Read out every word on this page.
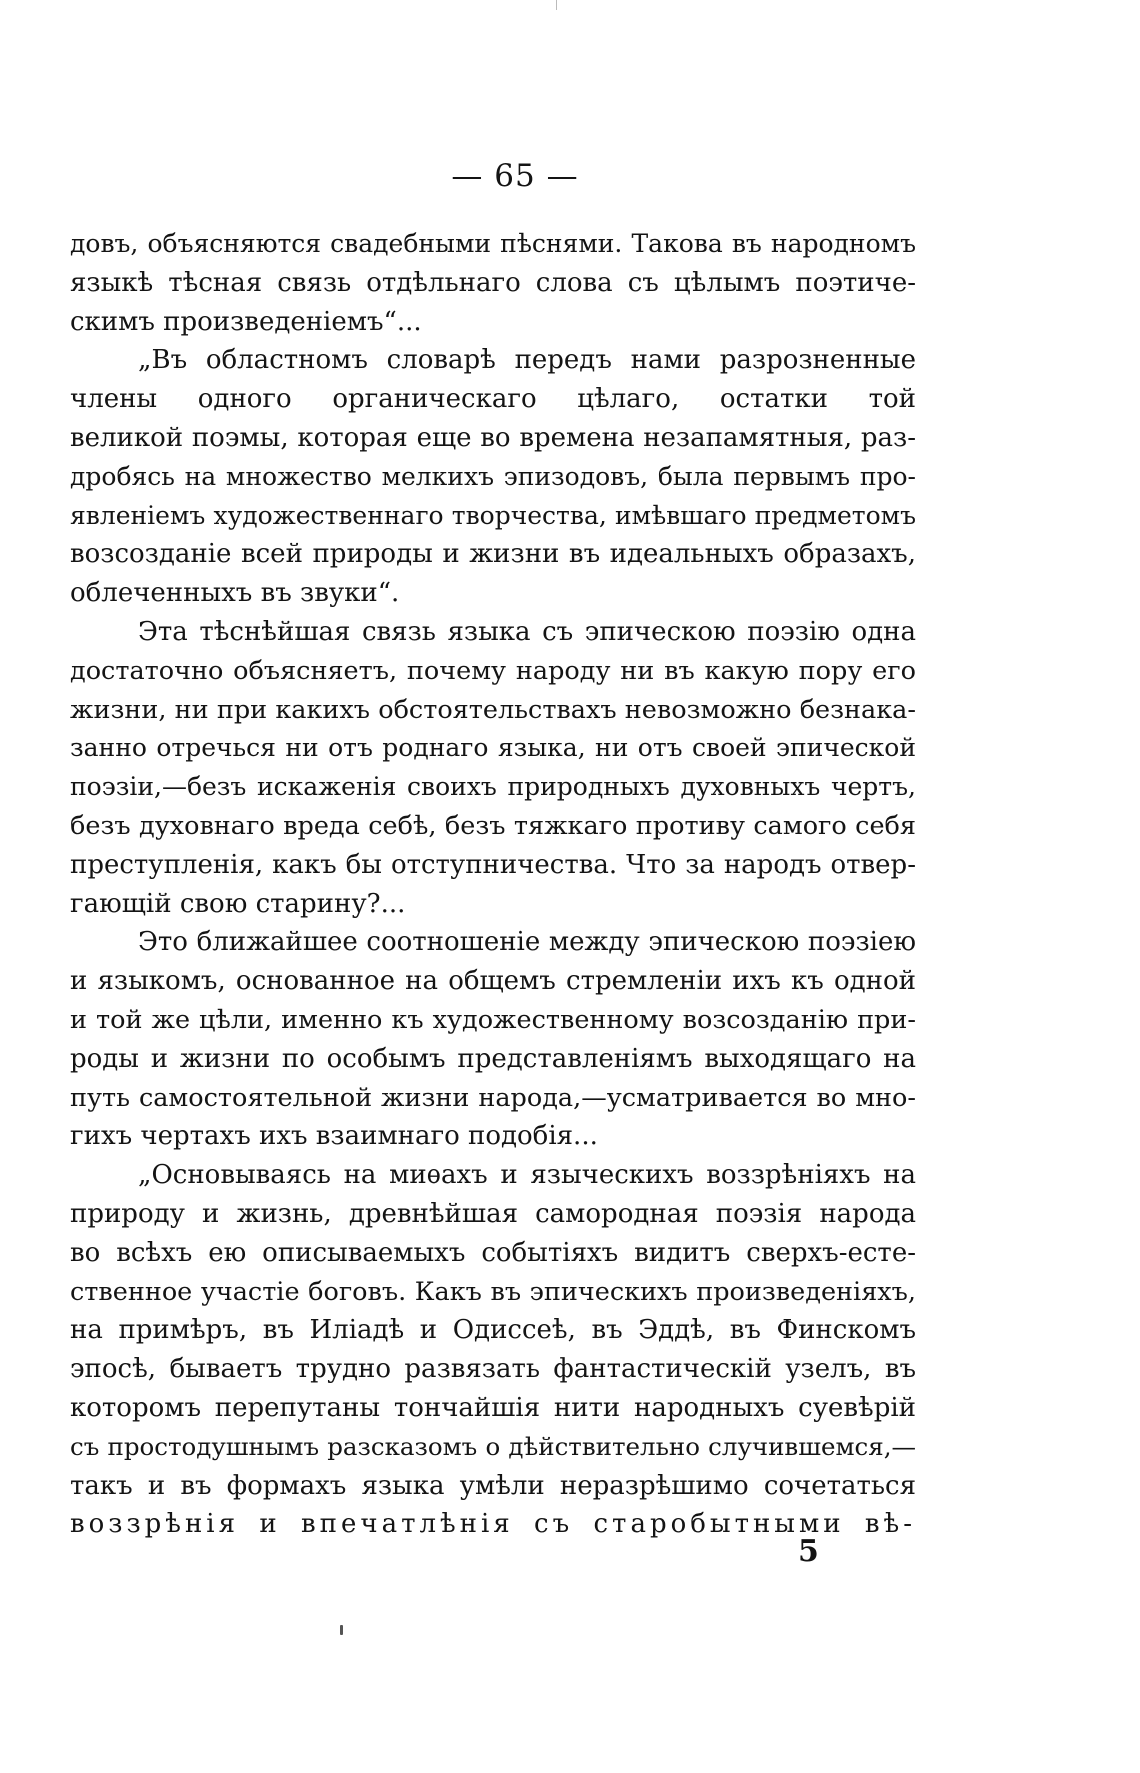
— 65 —
довъ, объясняются свадебными пѣснями. Такова въ народномъ
языкѣ тѣсная связь отдѣльнаго слова съ цѣлымъ поэтиче-
скимъ произведеніемъ“...
„Въ областномъ словарѣ передъ нами разрозненные
члены одного органическаго цѣлаго, остатки той
великой поэмы, которая еще во времена незапамятныя, раз-
дробясь на множество мелкихъ эпизодовъ, была первымъ про-
явленіемъ художественнаго творчества, имѣвшаго предметомъ
возсозданіе всей природы и жизни въ идеальныхъ образахъ,
облеченныхъ въ звуки“.
Эта тѣснѣйшая связь языка съ эпическою поэзію одна
достаточно объясняетъ, почему народу ни въ какую пору его
жизни, ни при какихъ обстоятельствахъ невозможно безнака-
занно отречься ни отъ роднаго языка, ни отъ своей эпической
поэзіи,—безъ искаженія своихъ природныхъ духовныхъ чертъ,
безъ духовнаго вреда себѣ, безъ тяжкаго противу самого себя
преступленія, какъ бы отступничества. Что за народъ отвер-
гающій свою старину?...
Это ближайшее соотношеніе между эпическою поэзіею
и языкомъ, основанное на общемъ стремленіи ихъ къ одной
и той же цѣли, именно къ художественному возсозданію при-
роды и жизни по особымъ представленіямъ выходящаго на
путь самостоятельной жизни народа,—усматривается во мно-
гихъ чертахъ ихъ взаимнаго подобія...
„Основываясь на миѳахъ и языческихъ воззрѣніяхъ на
природу и жизнь, древнѣйшая самородная поэзія народа
во всѣхъ ею описываемыхъ событіяхъ видитъ сверхъ-есте-
ственное участіе боговъ. Какъ въ эпическихъ произведеніяхъ,
на примѣръ, въ Иліадѣ и Одиссеѣ, въ Эддѣ, въ Финскомъ
эпосѣ, бываетъ трудно развязать фантастическій узелъ, въ
которомъ перепутаны тончайшія нити народныхъ суевѣрій
съ простодушнымъ разсказомъ о дѣйствительно случившемся,—
такъ и въ формахъ языка умѣли неразрѣшимо сочетаться
воззрѣнія и впечатлѣнія съ старобытными вѣ-
5
